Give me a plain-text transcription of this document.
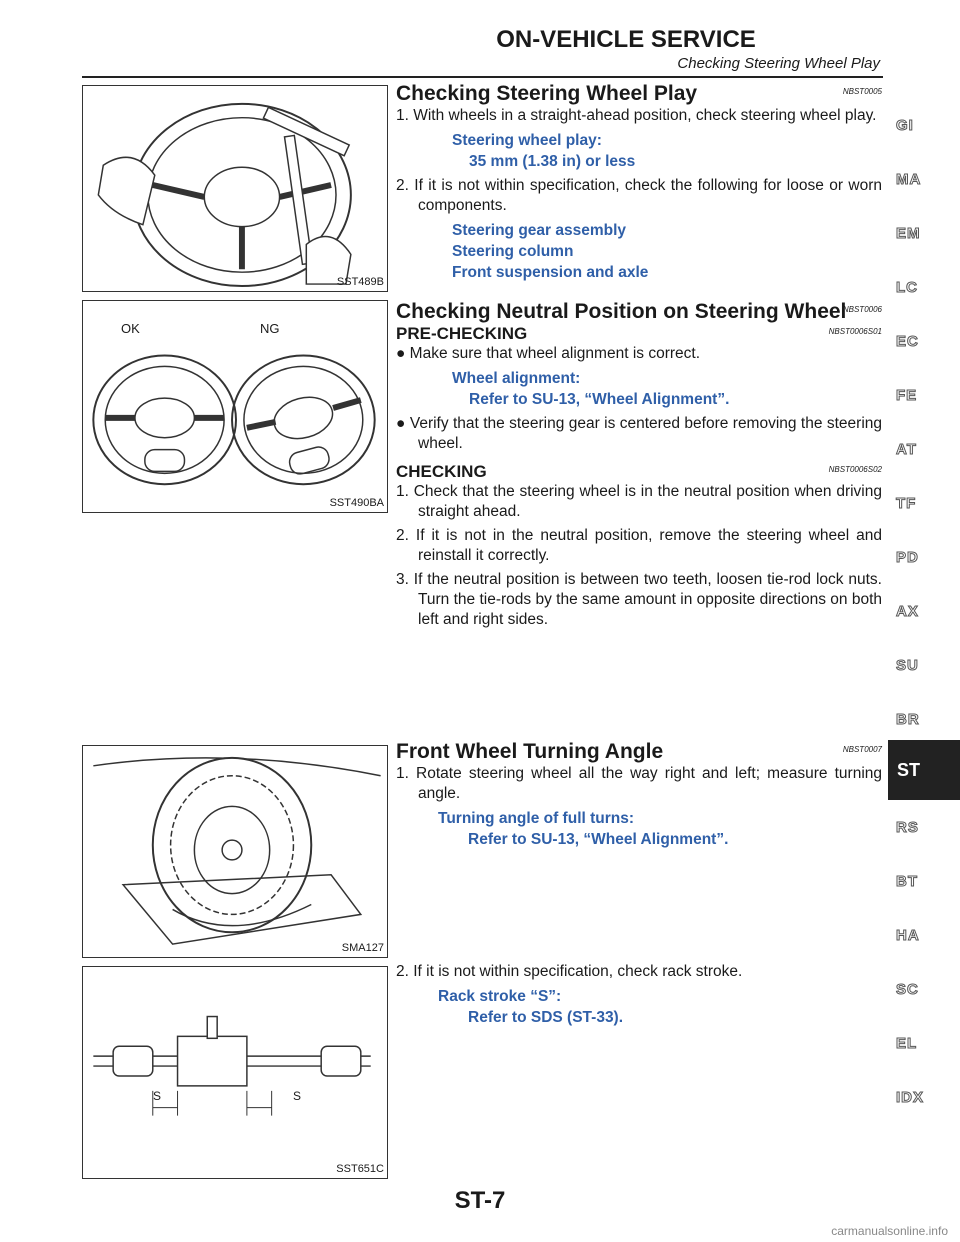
ON-VEHICLE SERVICE
Checking Steering Wheel Play
SST489B
OK	NG
SST490BA
SMA127
S	S
SST651C
Checking Steering Wheel Play	NBST0005

1. With wheels in a straight-ahead position, check steering wheel play.

Steering wheel play:
35 mm (1.38 in) or less

2. If it is not within specification, check the following for loose or worn components.

Steering gear assembly
Steering column
Front suspension and axle
Checking Neutral Position on Steering Wheel
NBST0006
PRE-CHECKING	NBST0006S01

● Make sure that wheel alignment is correct.

Wheel alignment:
Refer to SU-13, “Wheel Alignment”.

● Verify that the steering gear is centered before removing the steering wheel.

CHECKING	NBST0006S02

1. Check that the steering wheel is in the neutral position when driving straight ahead.

2. If it is not in the neutral position, remove the steering wheel and reinstall it correctly.

3. If the neutral position is between two teeth, loosen tie-rod lock nuts. Turn the tie-rods by the same amount in opposite directions on both left and right sides.

Front Wheel Turning Angle	NBST0007

1. Rotate steering wheel all the way right and left; measure turning angle.

Turning angle of full turns:
Refer to SU-13, “Wheel Alignment”.

2. If it is not within specification, check rack stroke.

Rack stroke “S”:
Refer to SDS (ST-33).
GI
MA
EM
LC
EC
FE
AT
TF
PD
AX
SU
BR
RS
BT
HA
SC
EL
IDX
ST
ST-7
carmanualsonline.info
